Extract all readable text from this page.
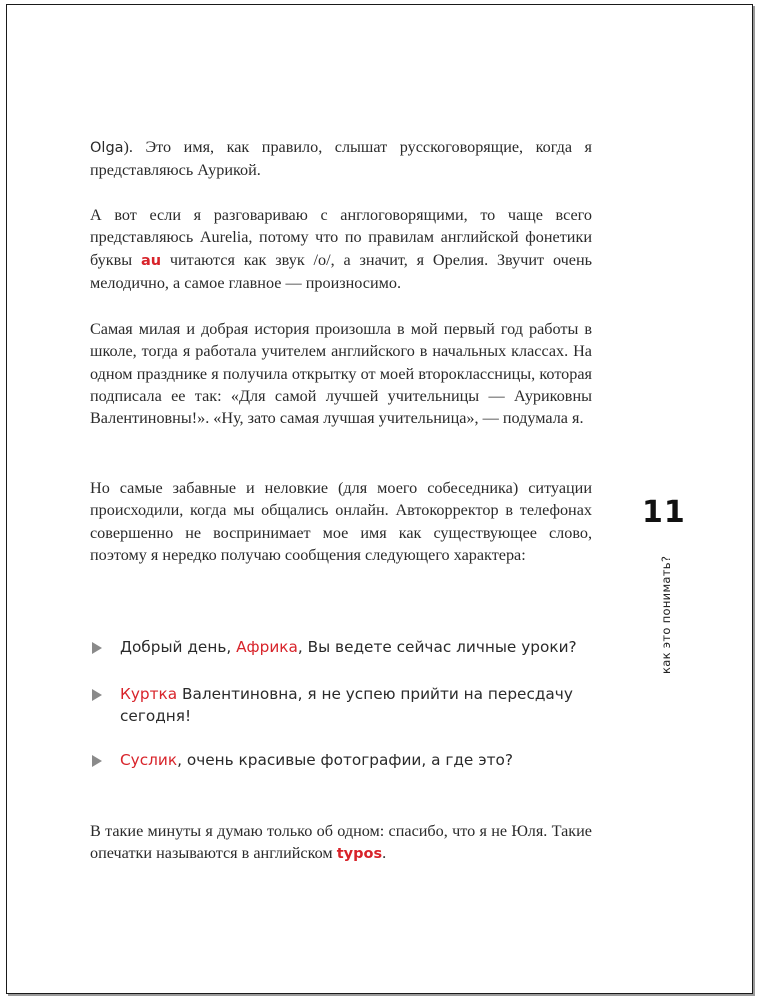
Olga). Это имя, как правило, слышат русскоговорящие, когда я представляюсь Аурикой.

А вот если я разговариваю с англоговорящими, то чаще всего представляюсь Aurelia, потому что по правилам английской фонетики буквы au читаются как звук /o/, а значит, я Орелия. Звучит очень мелодично, а самое главное — произносимо.

Самая милая и добрая история произошла в мой первый год работы в школе, тогда я работала учителем английского в начальных классах. На одном празднике я получила открытку от моей второклассницы, которая подписала ее так: «Для самой лучшей учительницы — Ауриковны Валентиновны!». «Ну, зато самая лучшая учительница», — подумала я.

Но самые забавные и неловкие (для моего собеседника) ситуации происходили, когда мы общались онлайн. Автокорректор в телефонах совершенно не воспринимает мое имя как существующее слово, поэтому я нередко получаю сообщения следующего характера:

Добрый день, Африка, Вы ведете сейчас личные уроки?
Куртка Валентиновна, я не успею прийти на пересдачу сегодня!
Суслик, очень красивые фотографии, а где это?

В такие минуты я думаю только об одном: спасибо, что я не Юля. Такие опечатки называются в английском typos.

11
как это понимать?
